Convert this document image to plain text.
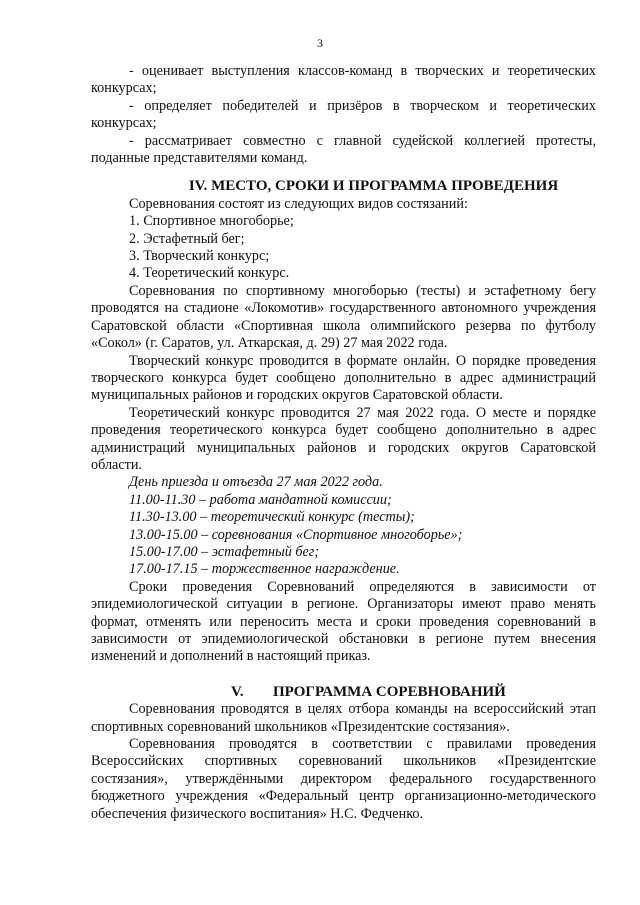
3

- оценивает выступления классов-команд в творческих и теоретических конкурсах;

- определяет победителей и призёров в творческом и теоретических конкурсах;

- рассматривает совместно с главной судейской коллегией протесты, поданные представителями команд.

IV. МЕСТО, СРОКИ И ПРОГРАММА ПРОВЕДЕНИЯ

Соревнования состоят из следующих видов состязаний:

1. Спортивное многоборье;

2. Эстафетный бег;

3. Творческий конкурс;

4. Теоретический конкурс.

Соревнования по спортивному многоборью (тесты) и эстафетному бегу проводятся на стадионе «Локомотив» государственного автономного учреждения Саратовской области «Спортивная школа олимпийского резерва по футболу «Сокол» (г. Саратов, ул. Аткарская, д. 29) 27 мая 2022 года.

Творческий конкурс проводится в формате онлайн. О порядке проведения творческого конкурса будет сообщено дополнительно в адрес администраций муниципальных районов и городских округов Саратовской области.

Теоретический конкурс проводится 27 мая 2022 года. О месте и порядке проведения теоретического конкурса будет сообщено дополнительно в адрес администраций муниципальных районов и городских округов Саратовской области.

День приезда и отъезда 27 мая 2022 года.

11.00-11.30 – работа мандатной комиссии;

11.30-13.00 – теоретический конкурс (тесты);

13.00-15.00 – соревнования «Спортивное многоборье»;

15.00-17.00 – эстафетный бег;

17.00-17.15 – торжественное награждение.

Сроки проведения Соревнований определяются в зависимости от эпидемиологической ситуации в регионе. Организаторы имеют право менять формат, отменять или переносить места и сроки проведения соревнований в зависимости от эпидемиологической обстановки в регионе путем внесения изменений и дополнений в настоящий приказ.

V. ПРОГРАММА СОРЕВНОВАНИЙ

Соревнования проводятся в целях отбора команды на всероссийский этап спортивных соревнований школьников «Президентские состязания».

Соревнования проводятся в соответствии с правилами проведения Всероссийских спортивных соревнований школьников «Президентские состязания», утверждёнными директором федерального государственного бюджетного учреждения «Федеральный центр организационно-методического обеспечения физического воспитания» Н.С. Федченко.
